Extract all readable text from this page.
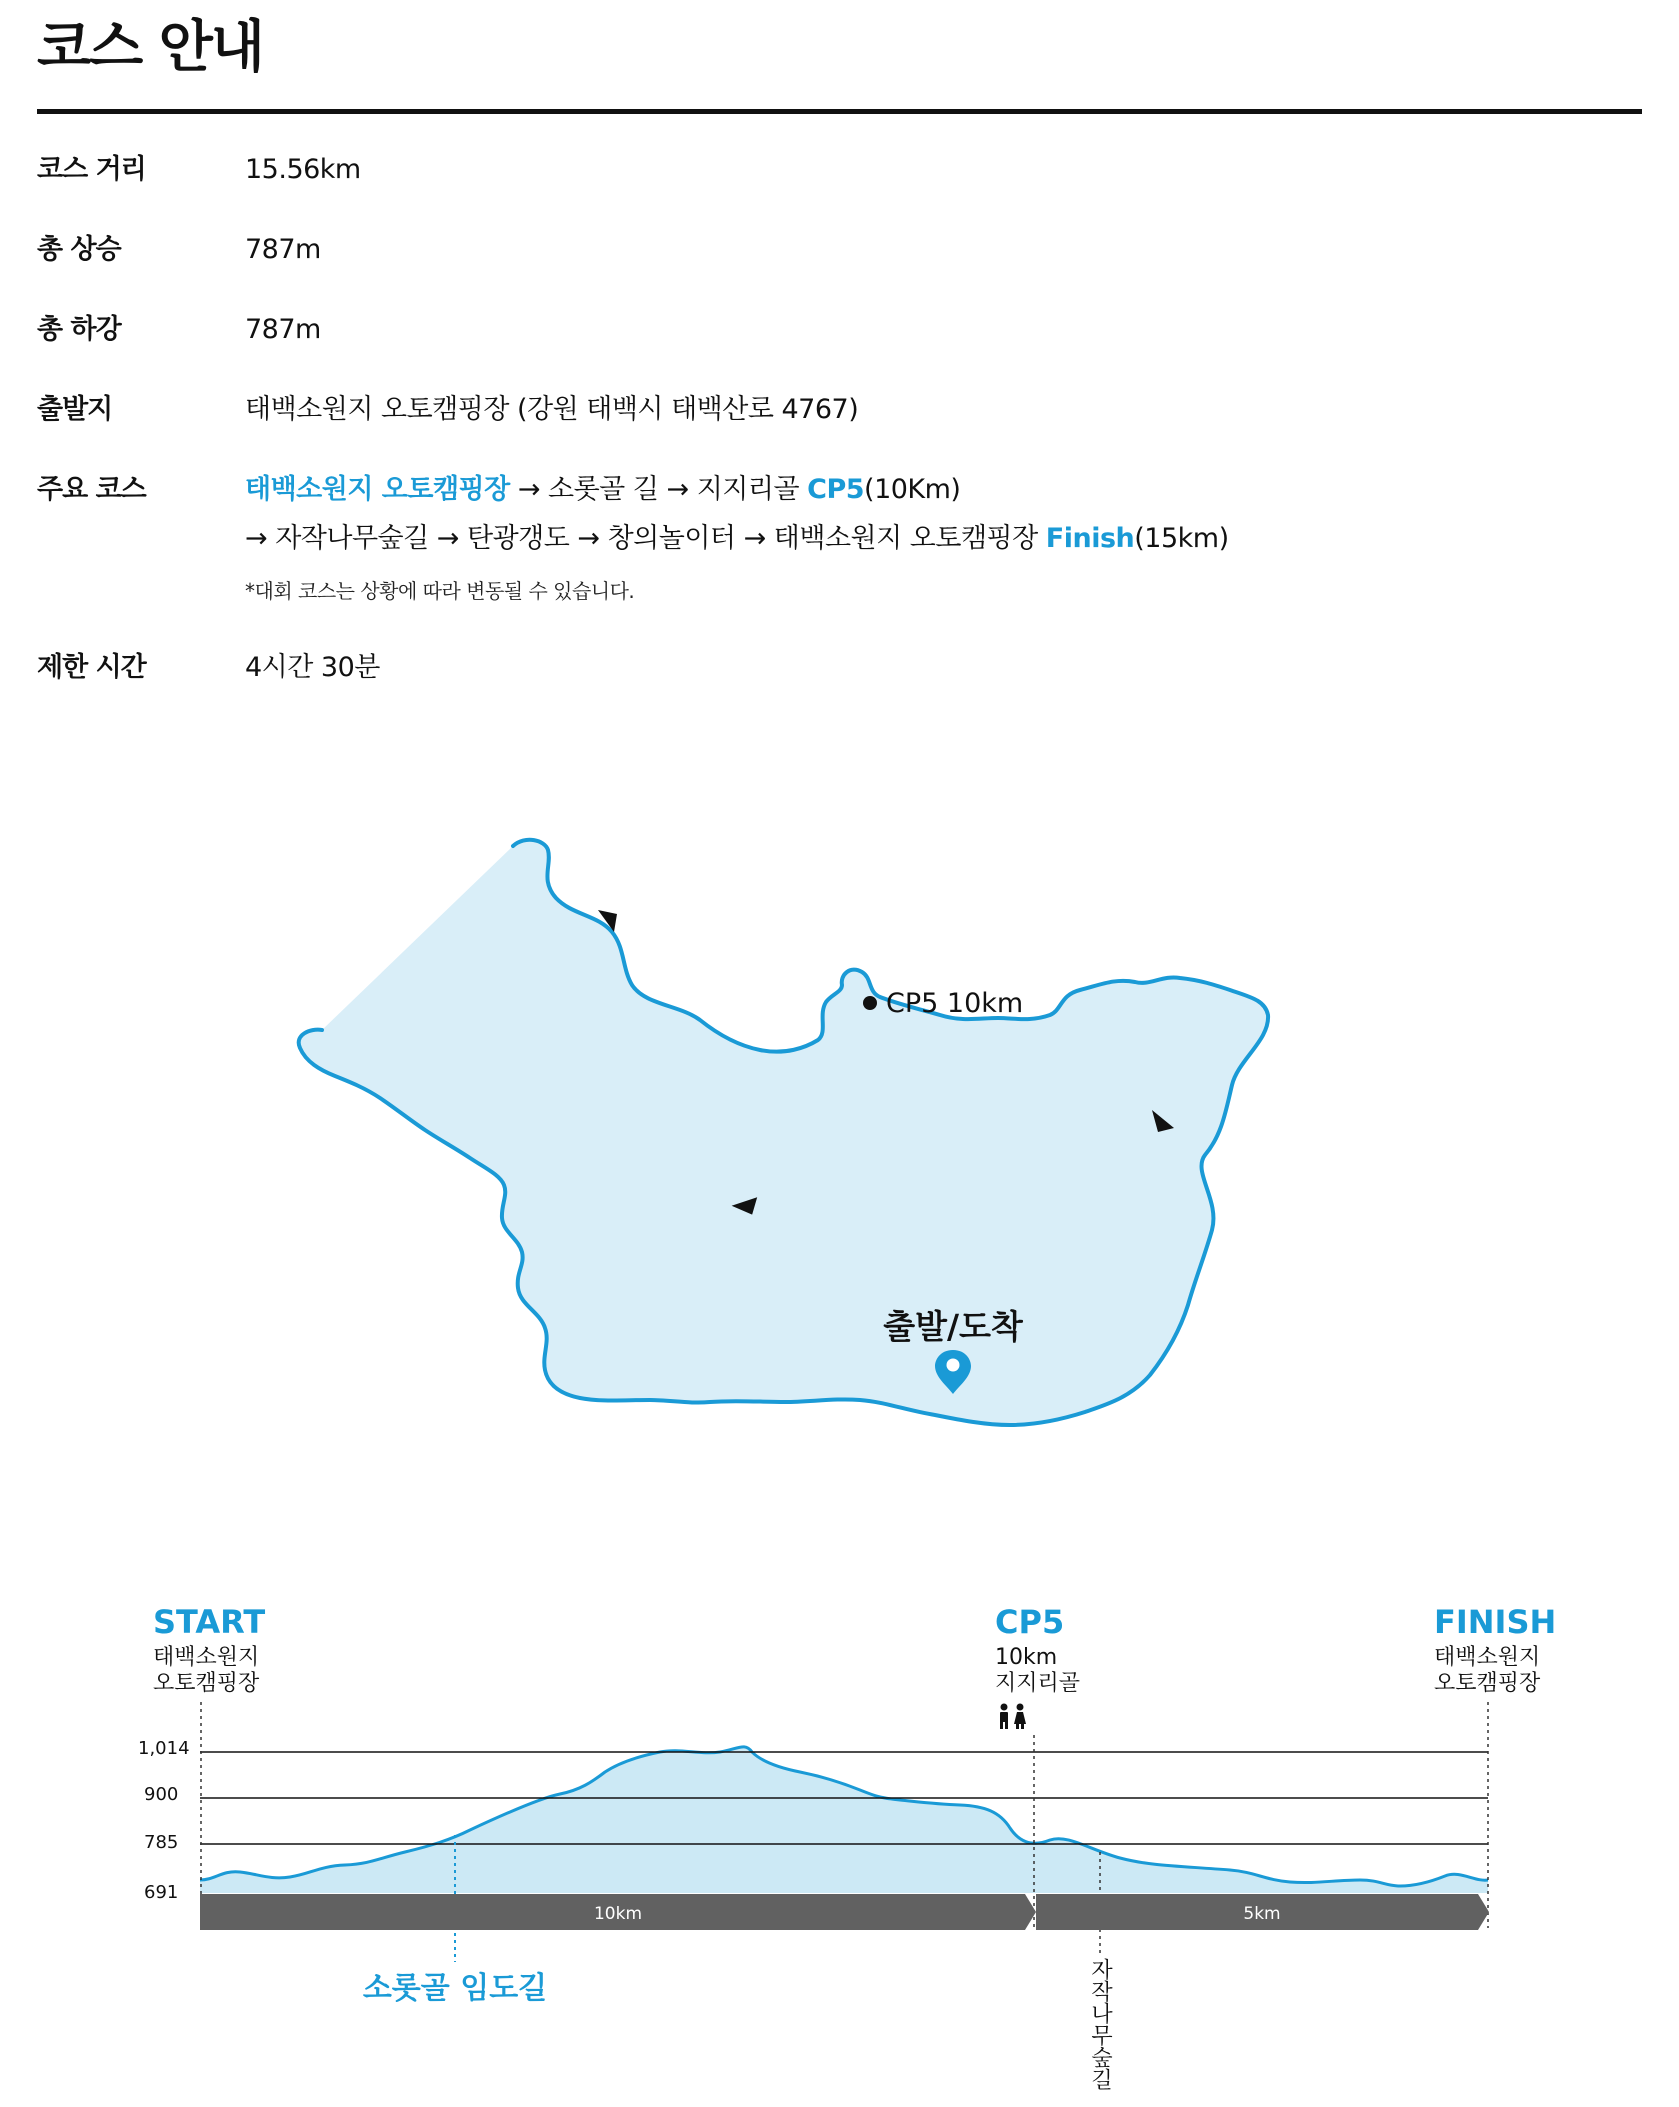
코스 안내
코스 거리	15.56km
총 상승	787m
총 하강	787m
출발지	태백소원지 오토캠핑장 (강원 태백시 태백산로 4767)
주요 코스	태백소원지 오토캠핑장 → 소롯골 길 → 지지리골 CP5(10Km)
→ 자작나무숲길 → 탄광갱도 → 창의놀이터 → 태백소원지 오토캠핑장 Finish(15km)
*대회 코스는 상황에 따라 변동될 수 있습니다.
제한 시간	4시간 30분
CP5 10km
출발/도착
START
태백소원지
오토캠핑장
CP5
10km
지지리골
FINISH
태백소원지
오토캠핑장
1,014
900
785
691
10km	5km
소롯골 임도길	자작나무숲길
